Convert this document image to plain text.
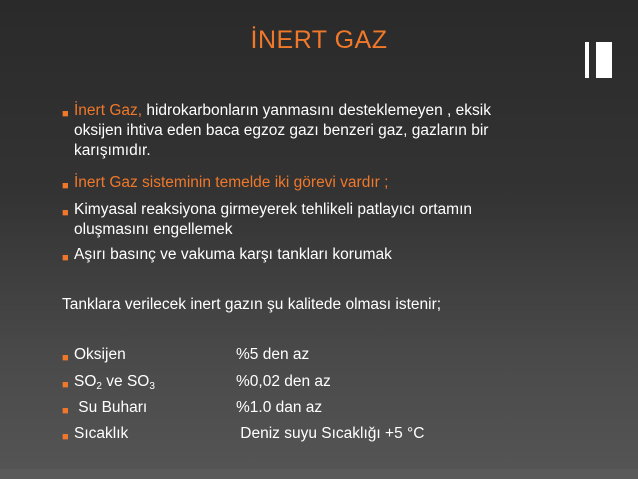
İNERT GAZ
■ İnert Gaz, hidrokarbonların yanmasını desteklemeyen , eksik
oksijen ihtiva eden baca egzoz gazı benzeri gaz, gazların bir
karışımıdır.
■ İnert Gaz sisteminin temelde iki görevi vardır ;
■ Kimyasal reaksiyona girmeyerek tehlikeli patlayıcı ortamın
oluşmasını engellemek
■ Aşırı basınç ve vakuma karşı tankları korumak
Tanklara verilecek inert gazın şu kalitede olması istenir;
■ Oksijen	%5 den az
■ $SO_2$ ve $SO_3$	%0,02 den az
■ Su Buharı	%1.0 dan az
■ Sıcaklık	Deniz suyu Sıcaklığı +5 °C
